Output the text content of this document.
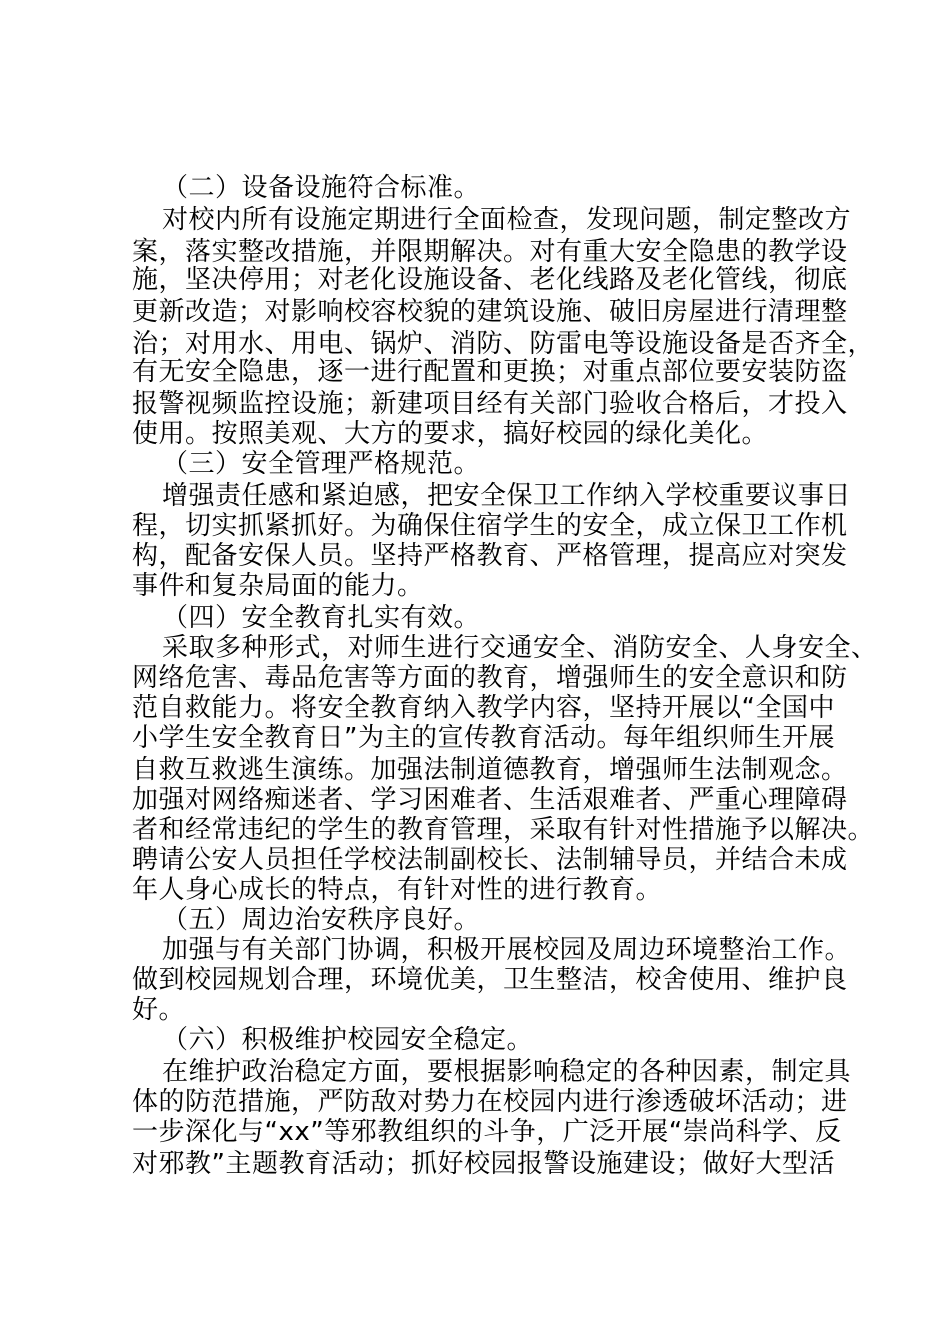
（二）设备设施符合标准。
对校内所有设施定期进行全面检查，发现问题，制定整改方
案，落实整改措施，并限期解决。对有重大安全隐患的教学设
施，坚决停用；对老化设施设备、老化线路及老化管线，彻底
更新改造；对影响校容校貌的建筑设施、破旧房屋进行清理整
治；对用水、用电、锅炉、消防、防雷电等设施设备是否齐全，
有无安全隐患，逐一进行配置和更换；对重点部位要安装防盗
报警视频监控设施；新建项目经有关部门验收合格后，才投入
使用。按照美观、大方的要求，搞好校园的绿化美化。
（三）安全管理严格规范。
增强责任感和紧迫感，把安全保卫工作纳入学校重要议事日
程，切实抓紧抓好。为确保住宿学生的安全，成立保卫工作机
构，配备安保人员。坚持严格教育、严格管理，提高应对突发
事件和复杂局面的能力。
（四）安全教育扎实有效。
采取多种形式，对师生进行交通安全、消防安全、人身安全、
网络危害、毒品危害等方面的教育，增强师生的安全意识和防
范自救能力。将安全教育纳入教学内容，坚持开展以“全国中
小学生安全教育日”为主的宣传教育活动。每年组织师生开展
自救互救逃生演练。加强法制道德教育，增强师生法制观念。
加强对网络痴迷者、学习困难者、生活艰难者、严重心理障碍
者和经常违纪的学生的教育管理，采取有针对性措施予以解决。
聘请公安人员担任学校法制副校长、法制辅导员，并结合未成
年人身心成长的特点，有针对性的进行教育。
（五）周边治安秩序良好。
加强与有关部门协调，积极开展校园及周边环境整治工作。
做到校园规划合理，环境优美，卫生整洁，校舍使用、维护良
好。
（六）积极维护校园安全稳定。
在维护政治稳定方面，要根据影响稳定的各种因素，制定具
体的防范措施，严防敌对势力在校园内进行渗透破坏活动；进
一步深化与“xx”等邪教组织的斗争，广泛开展“崇尚科学、反
对邪教”主题教育活动；抓好校园报警设施建设；做好大型活
